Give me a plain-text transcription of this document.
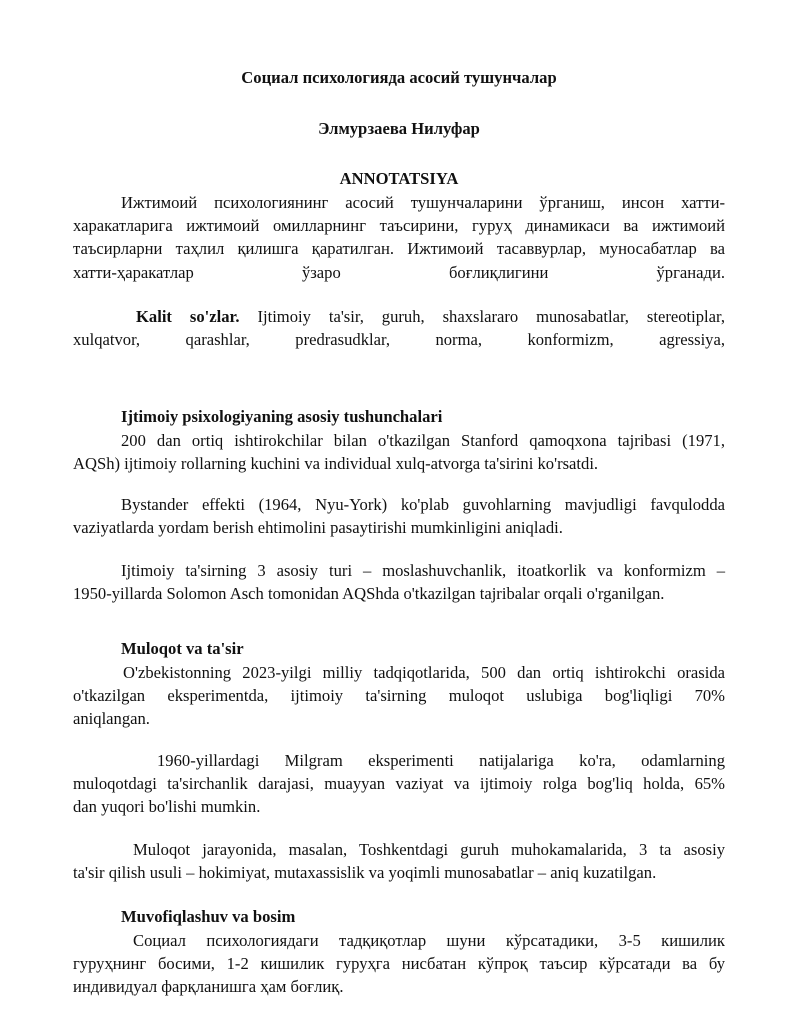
Социал психологияда асосий тушунчалар
Элмурзаева Нилуфар
ANNOTATSIYA
Ижтимоий психологиянинг асосий тушунчаларини ўрганиш, инсон хатти-
харакатларига ижтимоий омилларнинг таъсирини, гуруҳ динамикаси ва ижтимоий
таъсирларни таҳлил қилишга қаратилган. Ижтимоий тасаввурлар, муносабатлар ва
хатти-ҳаракатлар ўзаро боғлиқлигини ўрганади.
Kalit so'zlar. Ijtimoiy ta'sir, guruh, shaxslararo munosabatlar, stereotiplar,
xulqatvor, qarashlar, predrasudklar, norma, konformizm, agressiya,
Ijtimoiy psixologiyaning asosiy tushunchalari
200 dan ortiq ishtirokchilar bilan o'tkazilgan Stanford qamoqxona tajribasi (1971,
AQSh) ijtimoiy rollarning kuchini va individual xulq-atvorga ta'sirini ko'rsatdi.
Bystander effekti (1964, Nyu-York) ko'plab guvohlarning mavjudligi favqulodda
vaziyatlarda yordam berish ehtimolini pasaytirishi mumkinligini aniqladi.
Ijtimoiy ta'sirning 3 asosiy turi – moslashuvchanlik, itoatkorlik va konformizm –
1950-yillarda Solomon Asch tomonidan AQShda o'tkazilgan tajribalar orqali o'rganilgan.
Muloqot va ta'sir
O'zbekistonning 2023-yilgi milliy tadqiqotlarida, 500 dan ortiq ishtirokchi orasida
o'tkazilgan eksperimentda, ijtimoiy ta'sirning muloqot uslubiga bog'liqligi 70%
aniqlangan.
1960-yillardagi Milgram eksperimenti natijalariga ko'ra, odamlarning
muloqotdagi ta'sirchanlik darajasi, muayyan vaziyat va ijtimoiy rolga bog'liq holda, 65%
dan yuqori bo'lishi mumkin.
Muloqot jarayonida, masalan, Toshkentdagi guruh muhokamalarida, 3 ta asosiy
ta'sir qilish usuli – hokimiyat, mutaxassislik va yoqimli munosabatlar – aniq kuzatilgan.
Muvofiqlashuv va bosim
Социал психологиядаги тадқиқотлар шуни кўрсатадики, 3-5 кишилик
гуруҳнинг босими, 1-2 кишилик гуруҳга нисбатан кўпроқ таъсир кўрсатади ва бу
индивидуал фарқланишга ҳам боғлиқ.
